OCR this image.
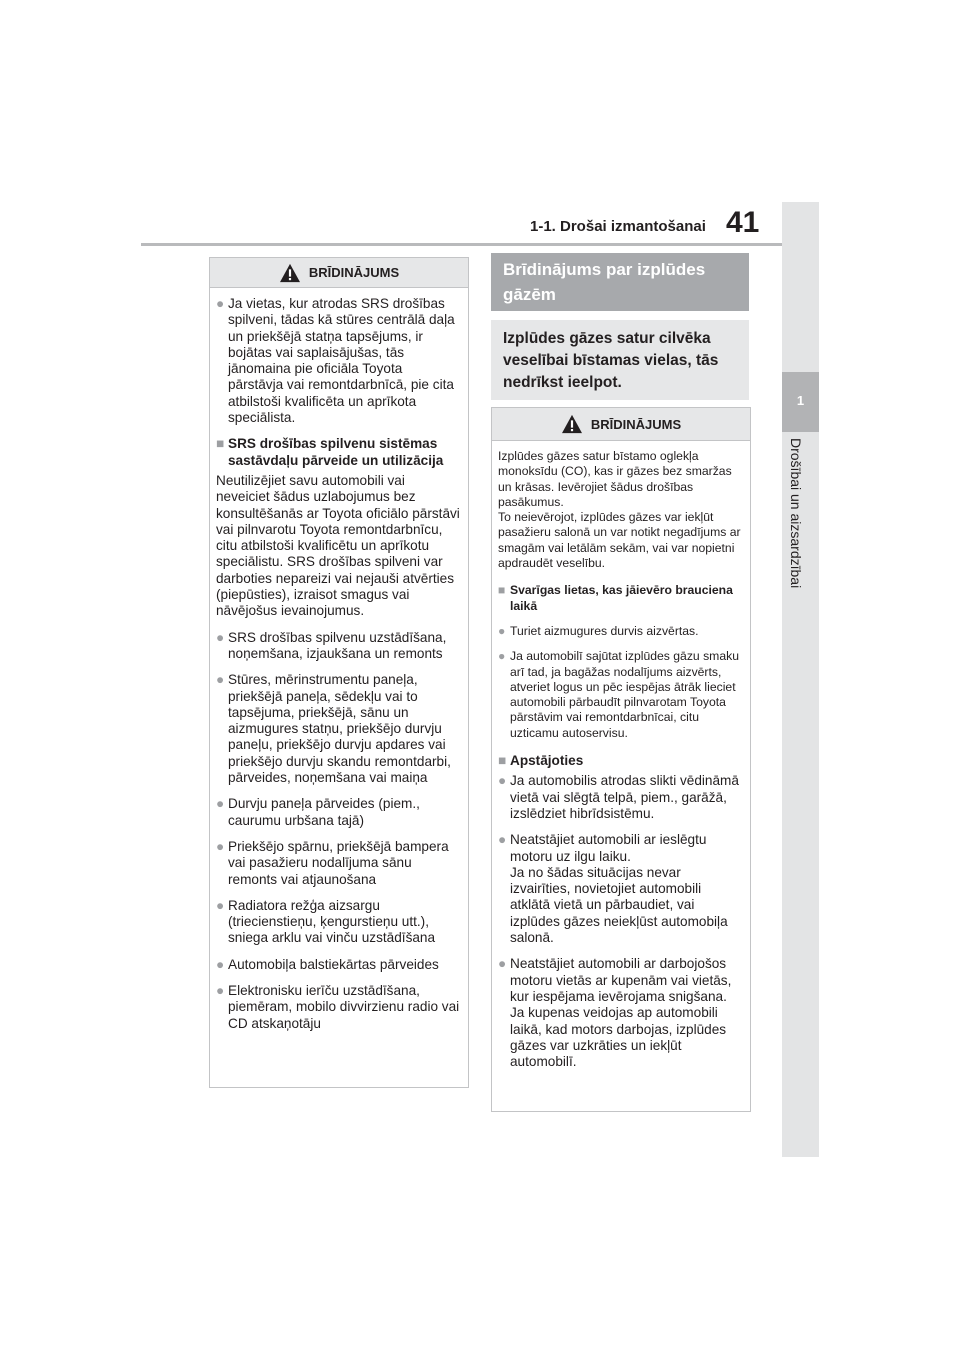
1-1. Drošai izmantošanai 41
1
Drošībai un aizsardzībai
BRĪDINĀJUMS
● Ja vietas, kur atrodas SRS drošības spilveni, tādas kā stūres centrālā daļa un priekšējā statņa tapsējums, ir bojātas vai saplaisājušas, tās jānomaina pie oficiāla Toyota pārstāvja vai remontdarbnīcā, pie cita atbilstoši kvalificēta un aprīkota speciālista.
■ SRS drošības spilvenu sistēmas sastāvdaļu pārveide un utilizācija
Neutilizējiet savu automobili vai neveiciet šādus uzlabojumus bez konsultēšanās ar Toyota oficiālo pārstāvi vai pilnvarotu Toyota remontdarbnīcu, citu atbilstoši kvalificētu un aprīkotu speciālistu. SRS drošības spilveni var darboties nepareizi vai nejauši atvērties (piepūsties), izraisot smagus vai nāvējošus ievainojumus.
● SRS drošības spilvenu uzstādīšana, noņemšana, izjaukšana un remonts
● Stūres, mērinstrumentu paneļa, priekšējā paneļa, sēdekļu vai to tapsējuma, priekšējā, sānu un aizmugures statņu, priekšējo durvju paneļu, priekšējo durvju apdares vai priekšējo durvju skandu remontdarbi, pārveides, noņemšana vai maiņa
● Durvju paneļa pārveides (piem., caurumu urbšana tajā)
● Priekšējo spārnu, priekšējā bampera vai pasažieru nodalījuma sānu remonts vai atjaunošana
● Radiatora režģa aizsargu (triecienstieņu, ķengurstieņu utt.), sniega arklu vai vinču uzstādīšana
● Automobiļa balstiekārtas pārveides
● Elektronisku ierīču uzstādīšana, piemēram, mobilo divvirzienu radio vai CD atskaņotāju
Brīdinājums par izplūdes gāzēm
Izplūdes gāzes satur cilvēka veselībai bīstamas vielas, tās nedrīkst ieelpot.
BRĪDINĀJUMS
Izplūdes gāzes satur bīstamo oglekļa monoksīdu (CO), kas ir gāzes bez smaržas un krāsas. Ievērojiet šādus drošības pasākumus.
To neievērojot, izplūdes gāzes var iekļūt pasažieru salonā un var notikt negadījums ar smagām vai letālām sekām, vai var nopietni apdraudēt veselību.
■ Svarīgas lietas, kas jāievēro brauciena laikā
● Turiet aizmugures durvis aizvērtas.
● Ja automobilī sajūtat izplūdes gāzu smaku arī tad, ja bagāžas nodalījums aizvērts, atveriet logus un pēc iespējas ātrāk lieciet automobili pārbaudīt pilnvarotam Toyota pārstāvim vai remontdarbnīcai, citu uzticamu autoservisu.
■ Apstājoties
● Ja automobilis atrodas slikti vēdināmā vietā vai slēgtā telpā, piem., garāžā, izslēdziet hibrīdsistēmu.
● Neatstājiet automobili ar ieslēgtu motoru uz ilgu laiku.
Ja no šādas situācijas nevar izvairīties, novietojiet automobili atklātā vietā un pārbaudiet, vai izplūdes gāzes neiekļūst automobiļa salonā.
● Neatstājiet automobili ar darbojošos motoru vietās ar kupenām vai vietās, kur iespējama ievērojama snigšana. Ja kupenas veidojas ap automobili laikā, kad motors darbojas, izplūdes gāzes var uzkrāties un iekļūt automobilī.
